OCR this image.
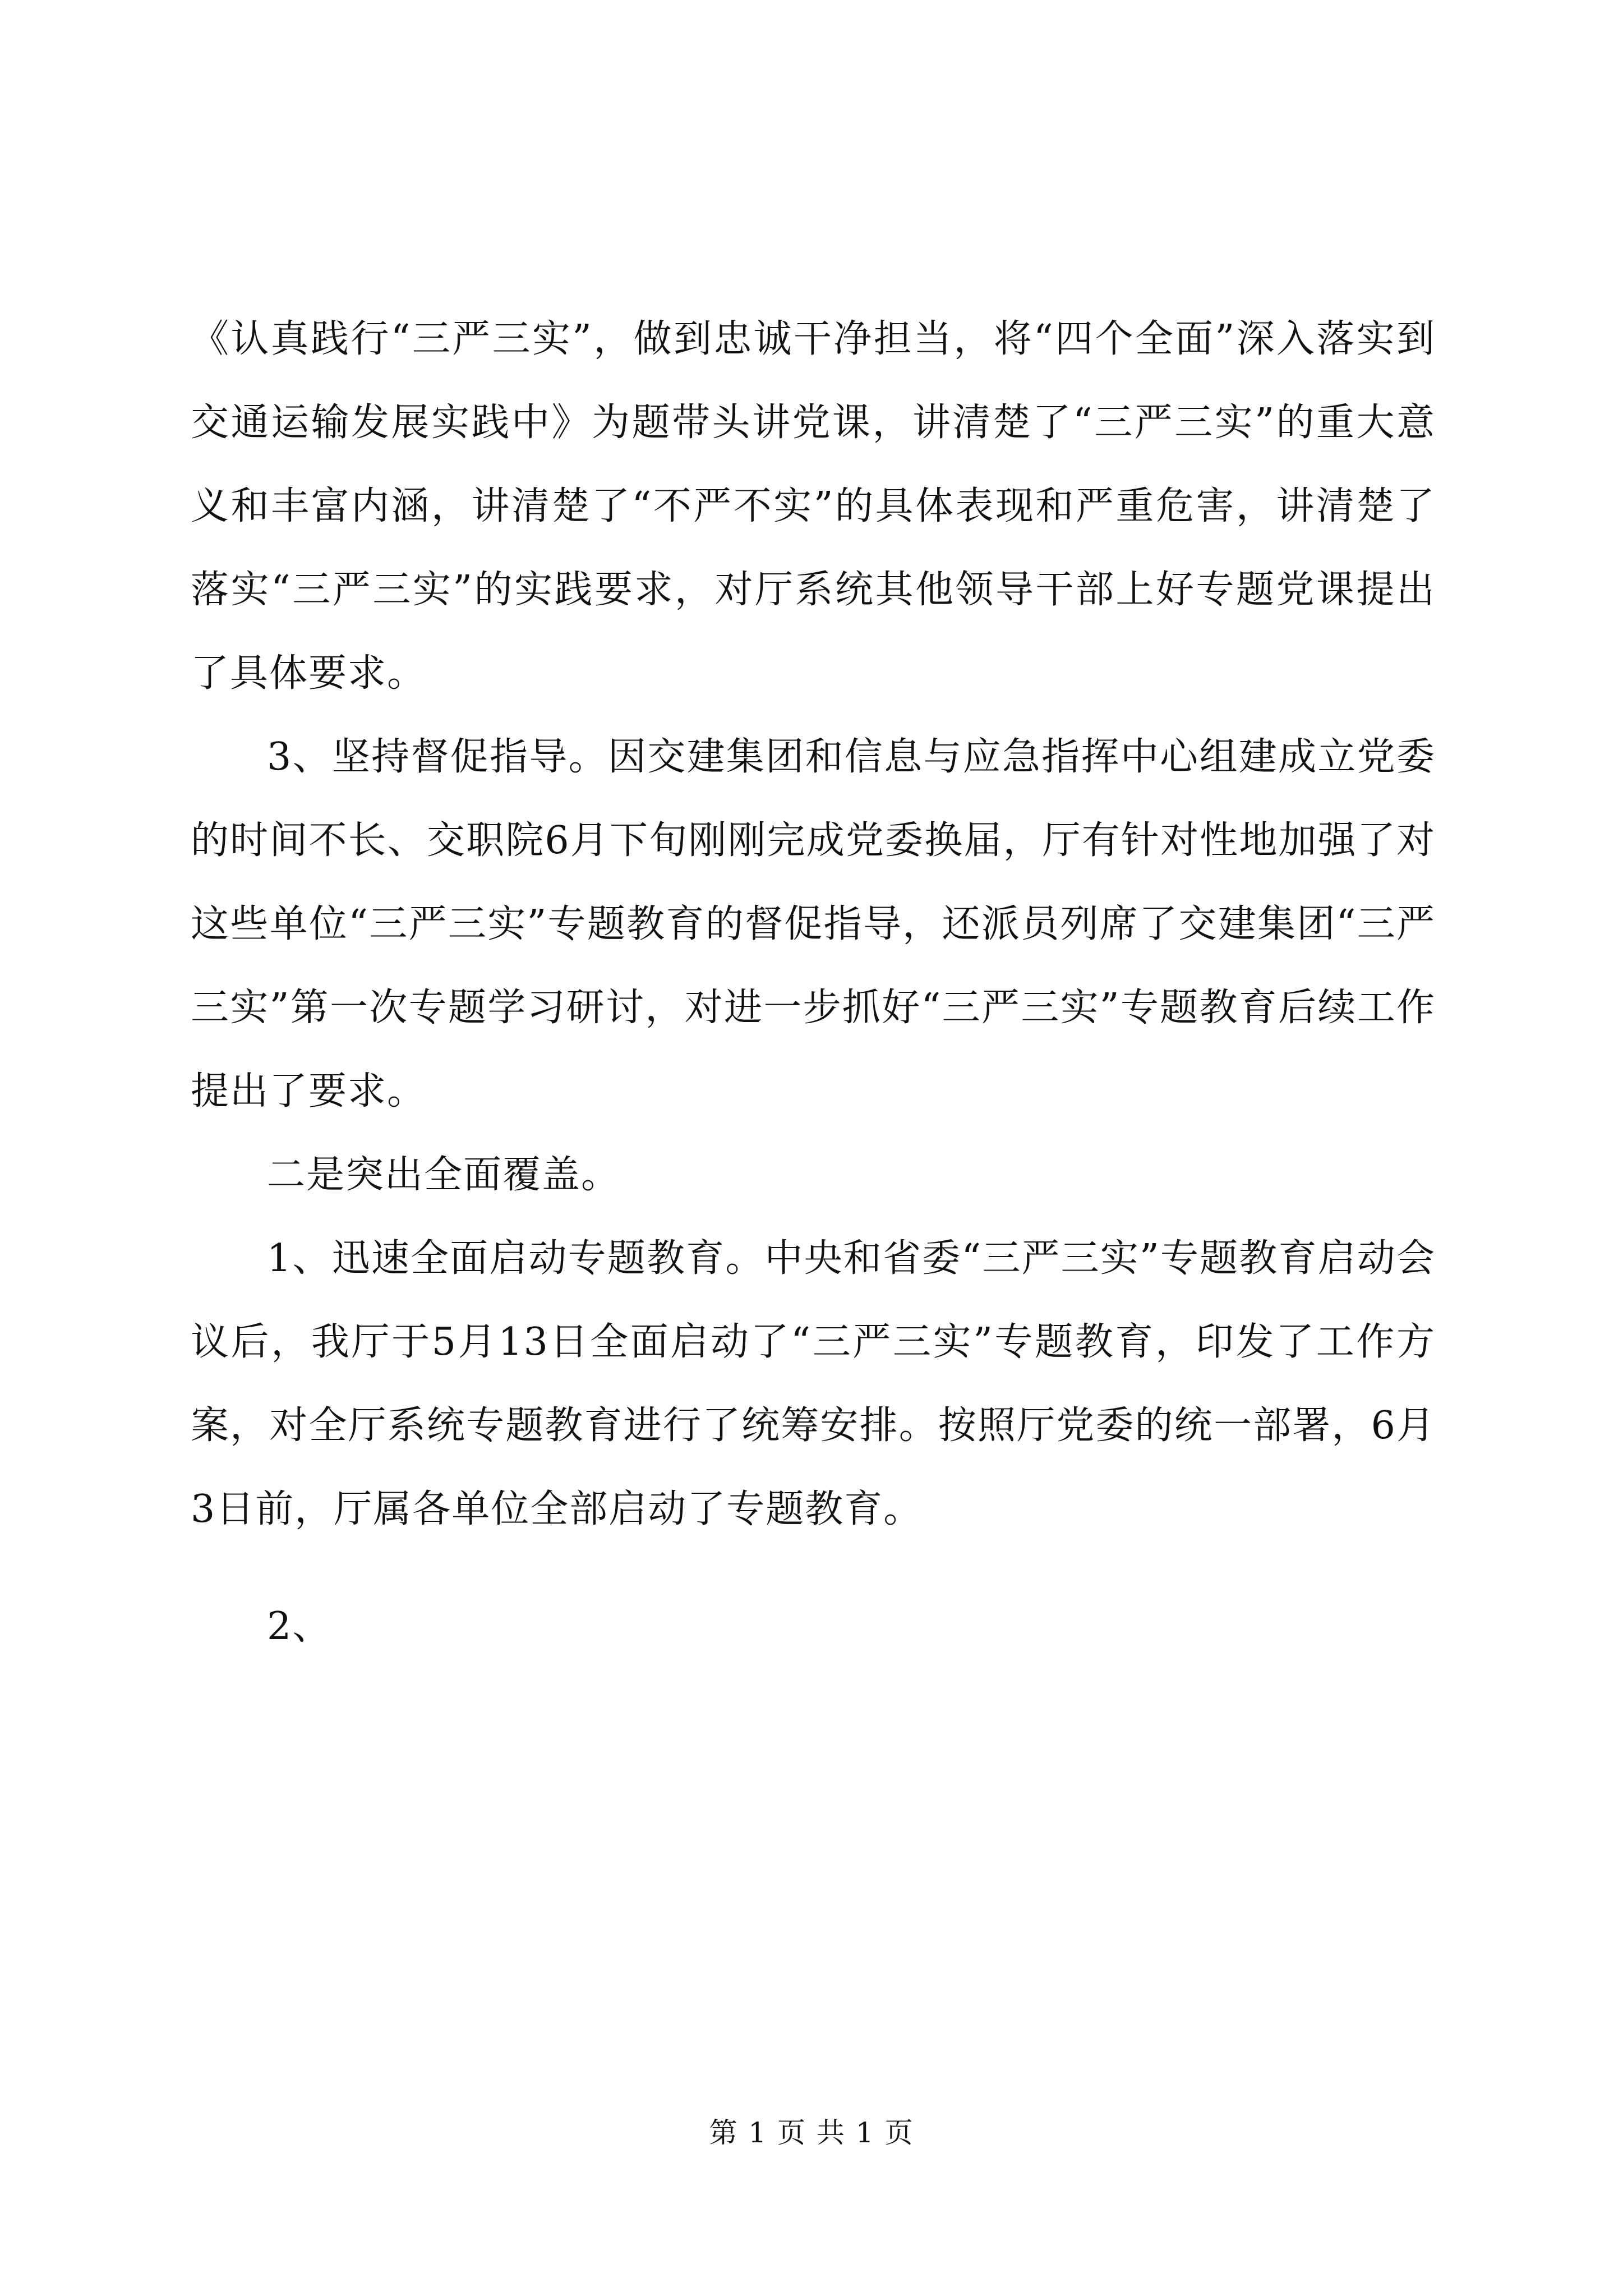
《认真践行“三严三实”，做到忠诚干净担当，将“四个全面”深入落实到交通运输发展实践中》为题带头讲党课，讲清楚了“三严三实”的重大意义和丰富内涵，讲清楚了“不严不实”的具体表现和严重危害，讲清楚了落实“三严三实”的实践要求，对厅系统其他领导干部上好专题党课提出了具体要求。

3、坚持督促指导。因交建集团和信息与应急指挥中心组建成立党委的时间不长、交职院6月下旬刚刚完成党委换届，厅有针对性地加强了对这些单位“三严三实”专题教育的督促指导，还派员列席了交建集团“三严三实”第一次专题学习研讨，对进一步抓好“三严三实”专题教育后续工作提出了要求。

二是突出全面覆盖。

1、迅速全面启动专题教育。中央和省委“三严三实”专题教育启动会议后，我厅于5月13日全面启动了“三严三实”专题教育，印发了工作方案，对全厅系统专题教育进行了统筹安排。按照厅党委的统一部署，6月3日前，厅属各单位全部启动了专题教育。

2、

第 1 页 共 1 页
